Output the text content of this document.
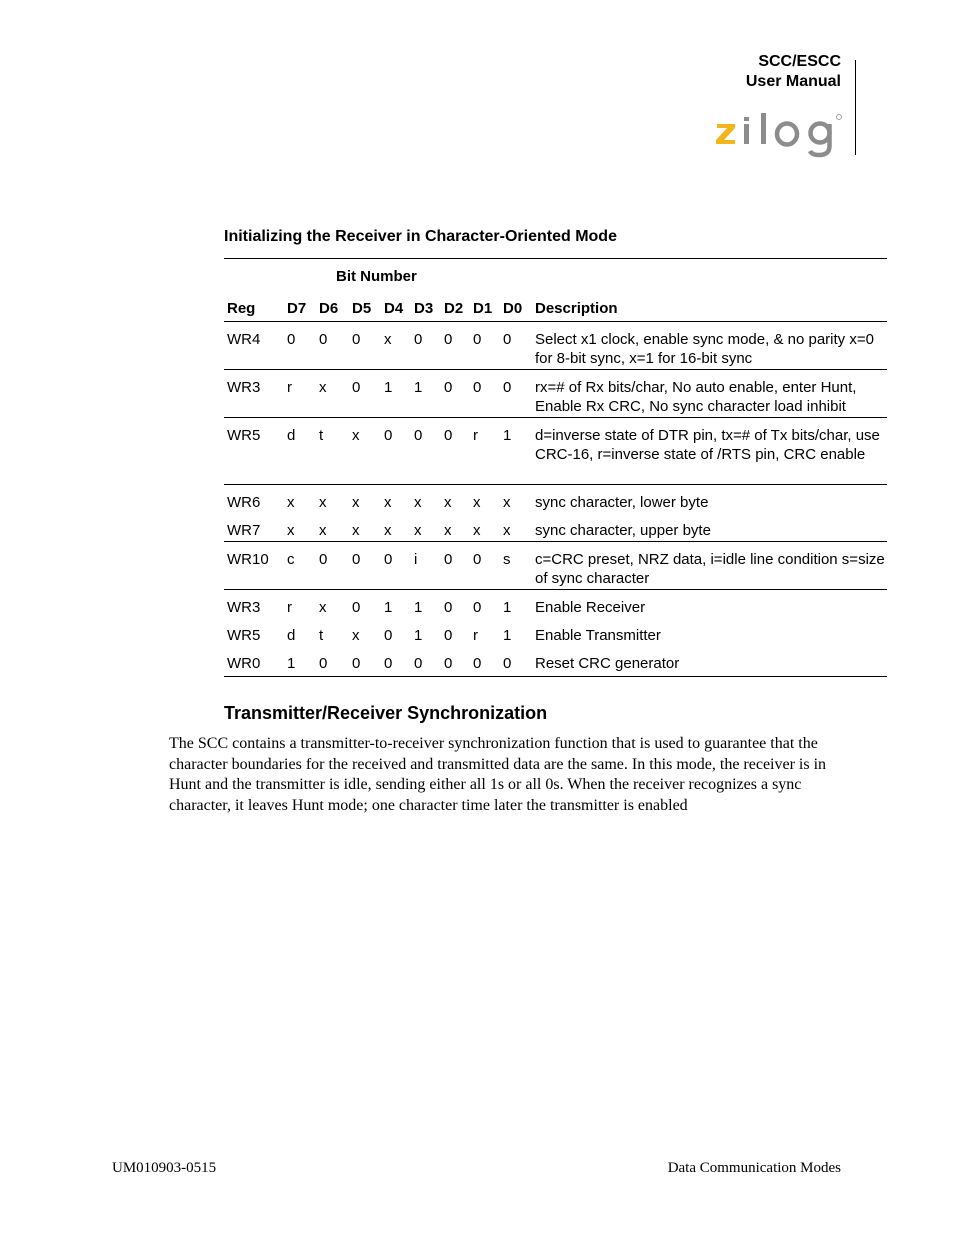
SCC/ESCC
User Manual
Initializing the Receiver in Character-Oriented Mode
Bit Number
Reg D7 D6 D5 D4 D3 D2 D1 D0 Description
WR4 0 0 0 x 0 0 0 0 Select x1 clock, enable sync mode, & no parity x=0 for 8-bit sync, x=1 for 16-bit sync
WR3 r x 0 1 1 0 0 0 rx=# of Rx bits/char, No auto enable, enter Hunt, Enable Rx CRC, No sync character load inhibit
WR5 d t x 0 0 0 r 1 d=inverse state of DTR pin, tx=# of Tx bits/char, use CRC-16, r=inverse state of /RTS pin, CRC enable
WR6 x x x x x x x x sync character, lower byte
WR7 x x x x x x x x sync character, upper byte
WR10 c 0 0 0 i 0 0 s c=CRC preset, NRZ data, i=idle line condition s=size of sync character
WR3 r x 0 1 1 0 0 1 Enable Receiver
WR5 d t x 0 1 0 r 1 Enable Transmitter
WR0 1 0 0 0 0 0 0 0 Reset CRC generator
Transmitter/Receiver Synchronization
The SCC contains a transmitter-to-receiver synchronization function that is used to guarantee that the character boundaries for the received and transmitted data are the same. In this mode, the receiver is in Hunt and the transmitter is idle, sending either all 1s or all 0s. When the receiver recognizes a sync character, it leaves Hunt mode; one character time later the transmitter is enabled
UM010903-0515	Data Communication Modes
